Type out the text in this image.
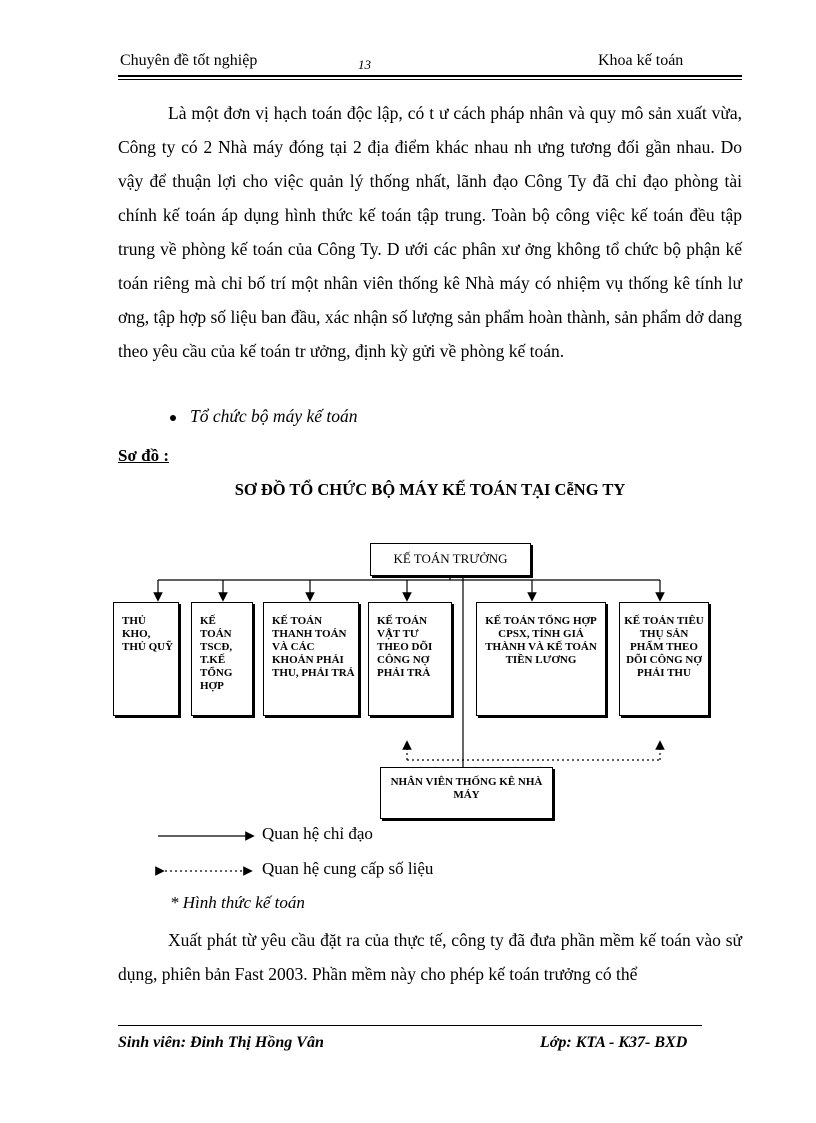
Chuyên đề tốt nghiệp	13	Khoa kế toán
Là một đơn vị hạch toán độc lập, có t ư cách pháp nhân và quy mô sản xuất vừa, Công ty có 2 Nhà máy đóng tại 2 địa điểm khác nhau nh ưng tương đối gần nhau. Do vậy để thuận lợi cho việc quản lý thống nhất, lãnh đạo Công Ty đã chỉ đạo phòng tài chính kế toán áp dụng hình thức kế toán tập trung. Toàn bộ công việc kế toán đều tập trung về phòng kế toán của Công Ty. D ưới các phân xư ởng không tổ chức bộ phận kế toán riêng mà chỉ bố trí một nhân viên thống kê Nhà máy có nhiệm vụ thống kê tính lư ơng, tập hợp số liệu ban đầu, xác nhận số lượng sản phẩm hoàn thành, sản phẩm dở dang theo yêu cầu của kế toán tr ưởng, định kỳ gửi về phòng kế toán.
Tổ chức bộ máy kế toán
Sơ đồ :
SƠ ĐỒ TỔ CHỨC BỘ MÁY KẾ TOÁN TẠI CễNG TY
KẾ TOÁN TRƯỞNG
THỦ KHO, THỦ QUỸ
KẾ TOÁN TSCĐ, T.KẾ TỔNG HỢP
KẾ TOÁN THANH TOÁN VÀ CÁC KHOẢN PHẢI THU, PHẢI TRẢ
KẾ TOÁN VẬT TƯ THEO DÕI CÔNG NỢ PHẢI TRẢ
KẾ TOÁN TỔNG HỢP CPSX, TÍNH GIÁ THÀNH VÀ KẾ TOÁN TIỀN LƯƠNG
KẾ TOÁN TIÊU THỤ SẢN PHẨM THEO DÕI CÔNG NỢ PHẢI THU
NHÂN VIÊN THỐNG KÊ NHÀ MÁY
Quan hệ chỉ đạo
Quan hệ cung cấp số liệu
* Hình thức kế toán
Xuất phát từ yêu cầu đặt ra của thực tế, công ty đã đưa phần mềm kế toán vào sử dụng, phiên bản Fast 2003. Phần mềm này cho phép kế toán trưởng có thể
Sinh viên: Đinh Thị Hồng Vân	Lớp: KTA - K37- BXD
